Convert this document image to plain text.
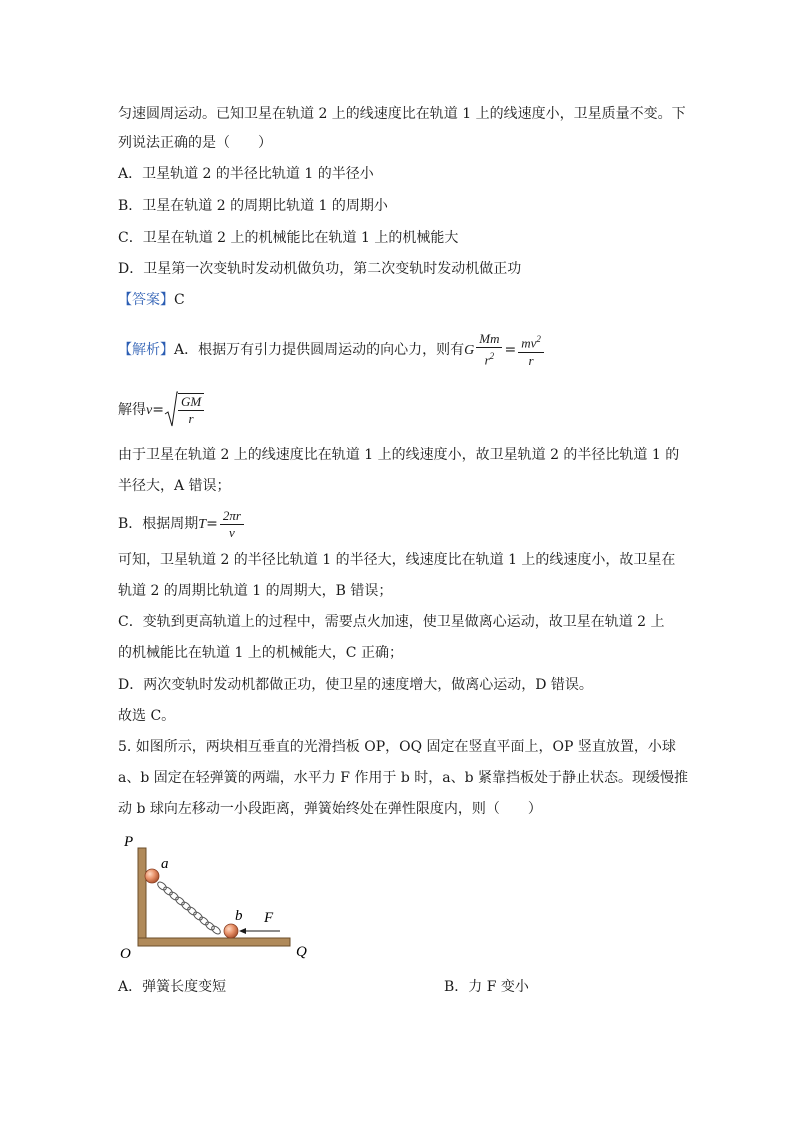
匀速圆周运动。已知卫星在轨道 2 上的线速度比在轨道 1 上的线速度小，卫星质量不变。下
列说法正确的是（　　）
A．卫星轨道 2 的半径比轨道 1 的半径小
B．卫星在轨道 2 的周期比轨道 1 的周期小
C．卫星在轨道 2 上的机械能比在轨道 1 上的机械能大
D．卫星第一次变轨时发动机做负功，第二次变轨时发动机做正功
【答案】C
【解析】A．根据万有引力提供圆周运动的向心力，则有G $\frac{Mm}{r^2} = \frac{mv^2}{r}$
解得$v= \frac{GM}{r}$
由于卫星在轨道 2 上的线速度比在轨道 1 上的线速度小，故卫星轨道 2 的半径比轨道 1 的
半径大，A 错误；
B．根据周期$T= \frac{2\pi r}{v}$
可知，卫星轨道 2 的半径比轨道 1 的半径大，线速度比在轨道 1 上的线速度小，故卫星在
轨道 2 的周期比轨道 1 的周期大，B 错误；
C．变轨到更高轨道上的过程中，需要点火加速，使卫星做离心运动，故卫星在轨道 2 上
的机械能比在轨道 1 上的机械能大，C 正确；
D．两次变轨时发动机都做正功，使卫星的速度增大，做离心运动，D 错误。
故选 C。
5. 如图所示，两块相互垂直的光滑挡板 OP，OQ 固定在竖直平面上，OP 竖直放置，小球
a、b 固定在轻弹簧的两端，水平力 F 作用于 b 时，a、b 紧靠挡板处于静止状态。现缓慢推
动 b 球向左移动一小段距离，弹簧始终处在弹性限度内，则（　　）
P
O	Q
a
b F
A．弹簧长度变短	B．力 F 变小
